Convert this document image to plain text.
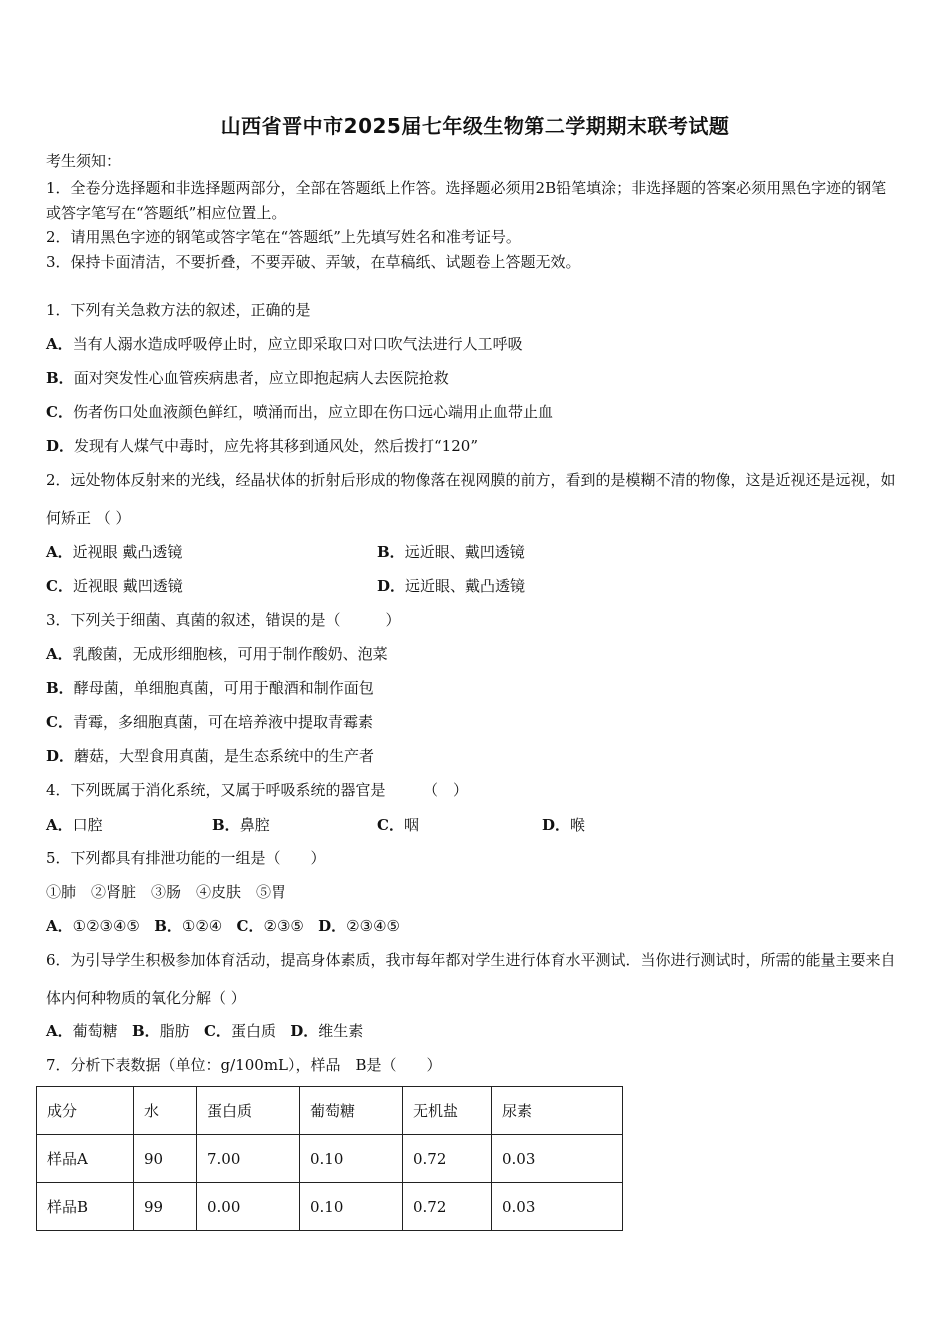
山西省晋中市2025届七年级生物第二学期期末联考试题
考生须知：
1．全卷分选择题和非选择题两部分，全部在答题纸上作答。选择题必须用2B铅笔填涂；非选择题的答案必须用黑色字迹的钢笔或答字笔写在“答题纸”相应位置上。
2．请用黑色字迹的钢笔或答字笔在“答题纸”上先填写姓名和准考证号。
3．保持卡面清洁，不要折叠，不要弄破、弄皱，在草稿纸、试题卷上答题无效。
1．下列有关急救方法的叙述，正确的是
A．当有人溺水造成呼吸停止时，应立即采取口对口吹气法进行人工呼吸
B．面对突发性心血管疾病患者，应立即抱起病人去医院抢救
C．伤者伤口处血液颜色鲜红，喷涌而出，应立即在伤口远心端用止血带止血
D．发现有人煤气中毒时，应先将其移到通风处，然后拨打“120”
2．远处物体反射来的光线，经晶状体的折射后形成的物像落在视网膜的前方，看到的是模糊不清的物像，这是近视还是远视，如何矫正 （ ）
A．近视眼 戴凸透镜	B．远近眼、戴凹透镜
C．近视眼 戴凹透镜	D．远近眼、戴凸透镜
3．下列关于细菌、真菌的叙述，错误的是（　　　）
A．乳酸菌，无成形细胞核，可用于制作酸奶、泡菜
B．酵母菌，单细胞真菌，可用于酿酒和制作面包
C．青霉，多细胞真菌，可在培养液中提取青霉素
D．蘑菇，大型食用真菌，是生态系统中的生产者
4．下列既属于消化系统，又属于呼吸系统的器官是　　　（　）
A．口腔	B．鼻腔	C．咽	D．喉
5．下列都具有排泄功能的一组是（　　）
①肺　②肾脏　③肠　④皮肤　⑤胃
A．①②③④⑤ B．①②④ C．②③⑤ D．②③④⑤
6．为引导学生积极参加体育活动，提高身体素质，我市每年都对学生进行体育水平测试．当你进行测试时，所需的能量主要来自体内何种物质的氧化分解（ ）
A．葡萄糖 B．脂肪 C．蛋白质 D．维生素
7．分析下表数据（单位：g/100mL），样品　B是（　　）
成分	水	蛋白质	葡萄糖	无机盐	尿素
样品A	90	7.00	0.10	0.72	0.03
样品B	99	0.00	0.10	0.72	0.03
